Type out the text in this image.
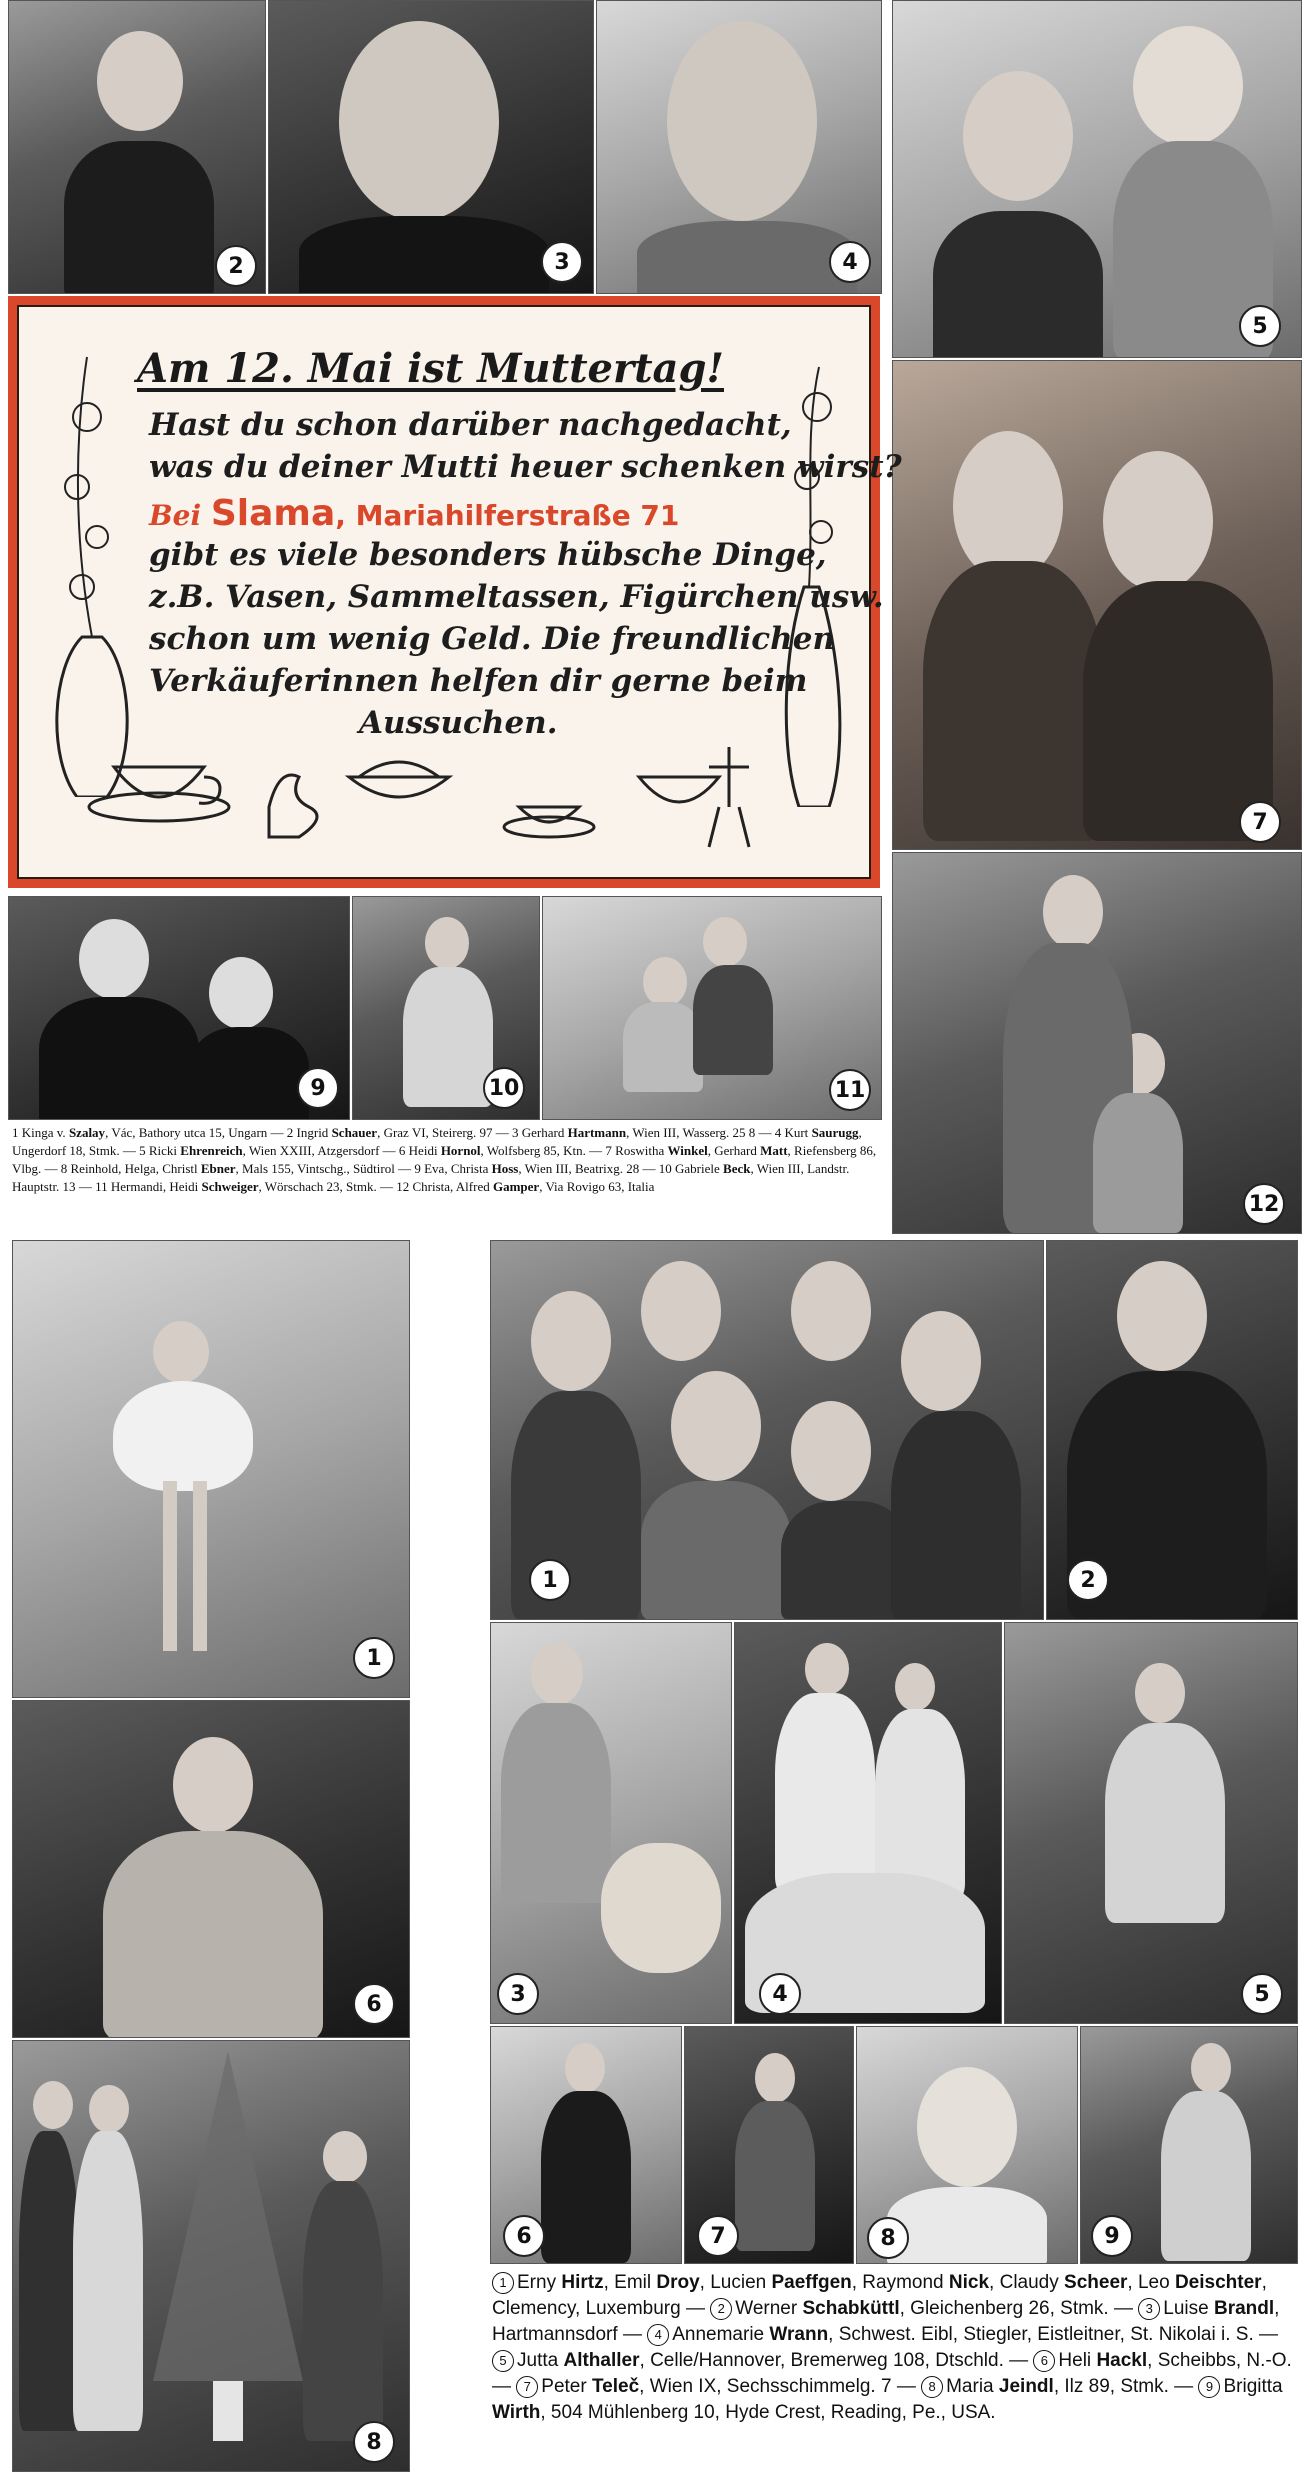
2	3	4
5
7
Am 12. Mai ist Muttertag!
Hast du schon darüber nachgedacht,
was du deiner Mutti heuer schenken wirst?
Bei Slama, Mariahilferstraße 71
gibt es viele besonders hübsche Dinge,
z.B. Vasen, Sammeltassen, Figürchen usw.
schon um wenig Geld. Die freundlichen
Verkäuferinnen helfen dir gerne beim
Aussuchen.
9	10	11
12
1 Kinga v. Szalay, Vác, Bathory utca 15, Ungarn — 2 Ingrid Schauer, Graz VI, Steirerg. 97 — 3 Gerhard Hartmann, Wien III, Wasserg. 25 8 — 4 Kurt Saurugg, Ungerdorf 18, Stmk. — 5 Ricki Ehrenreich, Wien XXIII, Atzgersdorf — 6 Heidi Hornol, Wolfsberg 85, Ktn. — 7 Roswitha Winkel, Gerhard Matt, Riefensberg 86, Vlbg. — 8 Reinhold, Helga, Christl Ebner, Mals 155, Vintschg., Südtirol — 9 Eva, Christa Hoss, Wien III, Beatrixg. 28 — 10 Gabriele Beck, Wien III, Landstr. Hauptstr. 13 — 11 Hermandi, Heidi Schweiger, Wörschach 23, Stmk. — 12 Christa, Alfred Gamper, Via Rovigo 63, Italia
1
6
8
1	2
3	4	5
6	7	8	9
1 Erny Hirtz, Emil Droy, Lucien Paeffgen, Raymond Nick, Claudy Scheer, Leo Deischter, Clemency, Luxemburg — 2 Werner Schabküttl, Gleichenberg 26, Stmk. — 3 Luise Brandl, Hartmannsdorf — 4 Annemarie Wrann, Schwest. Eibl, Stiegler, Eistleitner, St. Nikolai i. S. — 5 Jutta Althaller, Celle/Hannover, Bremerweg 108, Dtschld. — 6 Heli Hackl, Scheibbs, N.-O. — 7 Peter Teleč, Wien IX, Sechsschimmelg. 7 — 8 Maria Jeindl, Ilz 89, Stmk. — 9 Brigitta Wirth, 504 Mühlenberg 10, Hyde Crest, Reading, Pe., USA.
